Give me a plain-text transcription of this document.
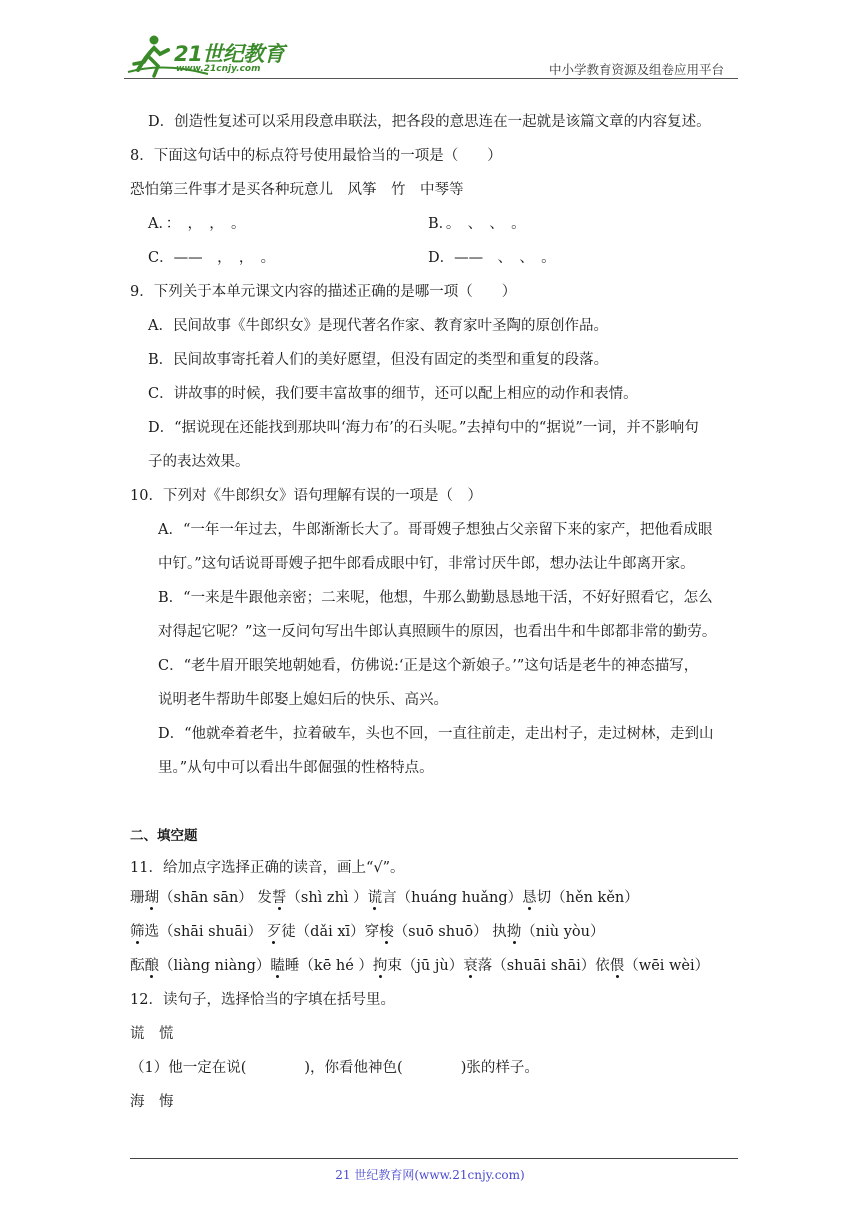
21世纪教育
www.21cnjy.com	中小学教育资源及组卷应用平台
D．创造性复述可以采用段意串联法，把各段的意思连在一起就是该篇文章的内容复述。
8．下面这句话中的标点符号使用最恰当的一项是（　　）
恐怕第三件事才是买各种玩意儿　风筝　竹　中琴等
A．：　，　，　。	B．。　、　、　。
C．——　，　，　。	D．——　、　、　。
9．下列关于本单元课文内容的描述正确的是哪一项（　　）
A．民间故事《牛郎织女》是现代著名作家、教育家叶圣陶的原创作品。
B．民间故事寄托着人们的美好愿望，但没有固定的类型和重复的段落。
C．讲故事的时候，我们要丰富故事的细节，还可以配上相应的动作和表情。
D．“据说现在还能找到那块叫‘海力布’的石头呢。”去掉句中的“据说”一词，并不影响句
子的表达效果。
10．下列对《牛郎织女》语句理解有误的一项是（　）
A．“一年一年过去，牛郎渐渐长大了。哥哥嫂子想独占父亲留下来的家产，把他看成眼
中钉。”这句话说哥哥嫂子把牛郎看成眼中钉，非常讨厌牛郎，想办法让牛郎离开家。
B．“一来是牛跟他亲密；二来呢，他想，牛那么勤勤恳恳地干活，不好好照看它，怎么
对得起它呢？”这一反问句写出牛郎认真照顾牛的原因，也看出牛和牛郎都非常的勤劳。
C．“老牛眉开眼笑地朝她看，仿佛说:‘正是这个新娘子。’”这句话是老牛的神态描写，
说明老牛帮助牛郎娶上媳妇后的快乐、高兴。
D．“他就牵着老牛，拉着破车，头也不回，一直往前走，走出村子，走过树林，走到山
里。”从句中可以看出牛郎倔强的性格特点。
二、填空题
11．给加点字选择正确的读音，画上“√”。
珊瑚（shān sān） 发誓（shì zhì ）谎言（huáng huǎng）恳切（hěn kěn）
筛选（shāi shuāi） 歹徒（dǎi xī）穿梭（suō shuō） 执拗（niù yòu）
酝酿（liàng niàng）瞌睡（kē hé ）拘束（jū jù）衰落（shuāi shāi）依偎（wēi wèi）
12．读句子，选择恰当的字填在括号里。
谎　慌
（1）他一定在说(　　　　)，你看他神色(　　　　)张的样子。
海　悔
21 世纪教育网(www.21cnjy.com)
